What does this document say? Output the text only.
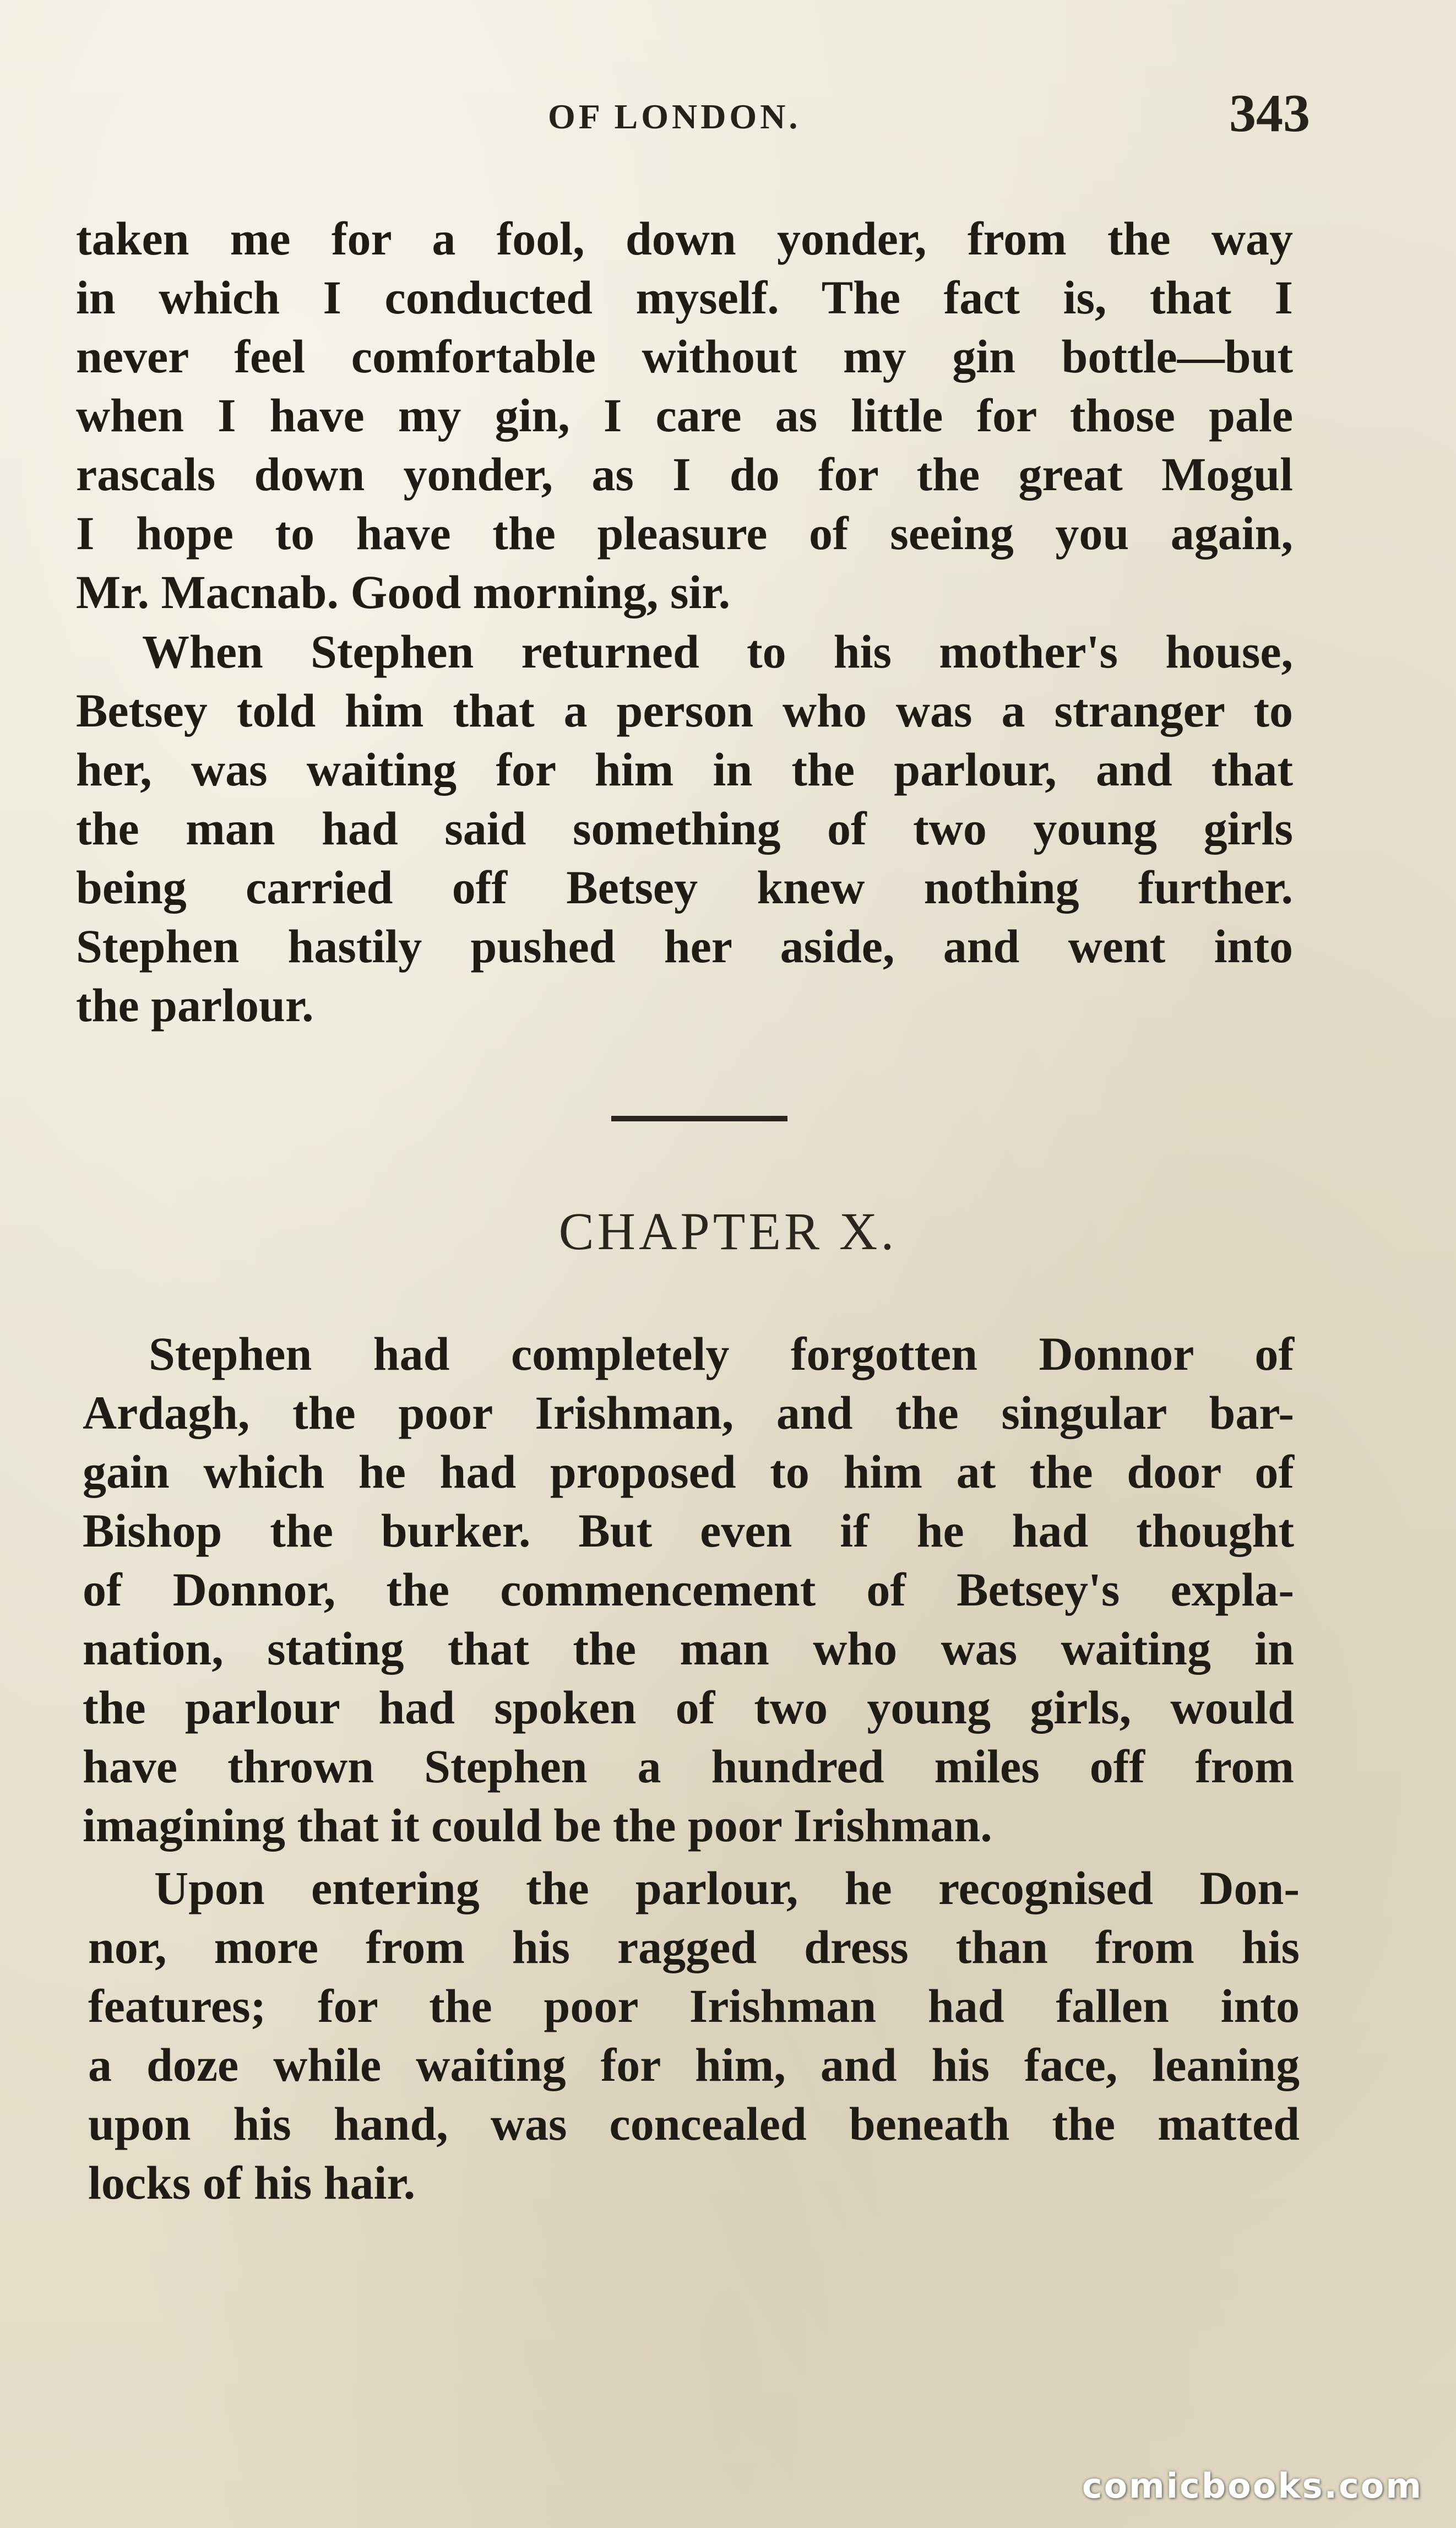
OF LONDON.	343
taken me for a fool, down yonder, from the way
in which I conducted myself. The fact is, that I
never feel comfortable without my gin bottle—but
when I have my gin, I care as little for those pale
rascals down yonder, as I do for the great Mogul
I hope to have the pleasure of seeing you again,
Mr. Macnab. Good morning, sir.
When Stephen returned to his mother's house,
Betsey told him that a person who was a stranger to
her, was waiting for him in the parlour, and that
the man had said something of two young girls
being carried off Betsey knew nothing further.
Stephen hastily pushed her aside, and went into
the parlour.
CHAPTER X.
Stephen had completely forgotten Donnor of
Ardagh, the poor Irishman, and the singular bar-
gain which he had proposed to him at the door of
Bishop the burker. But even if he had thought
of Donnor, the commencement of Betsey's expla-
nation, stating that the man who was waiting in
the parlour had spoken of two young girls, would
have thrown Stephen a hundred miles off from
imagining that it could be the poor Irishman.
Upon entering the parlour, he recognised Don-
nor, more from his ragged dress than from his
features; for the poor Irishman had fallen into
a doze while waiting for him, and his face, leaning
upon his hand, was concealed beneath the matted
locks of his hair.
comicbooks.com
